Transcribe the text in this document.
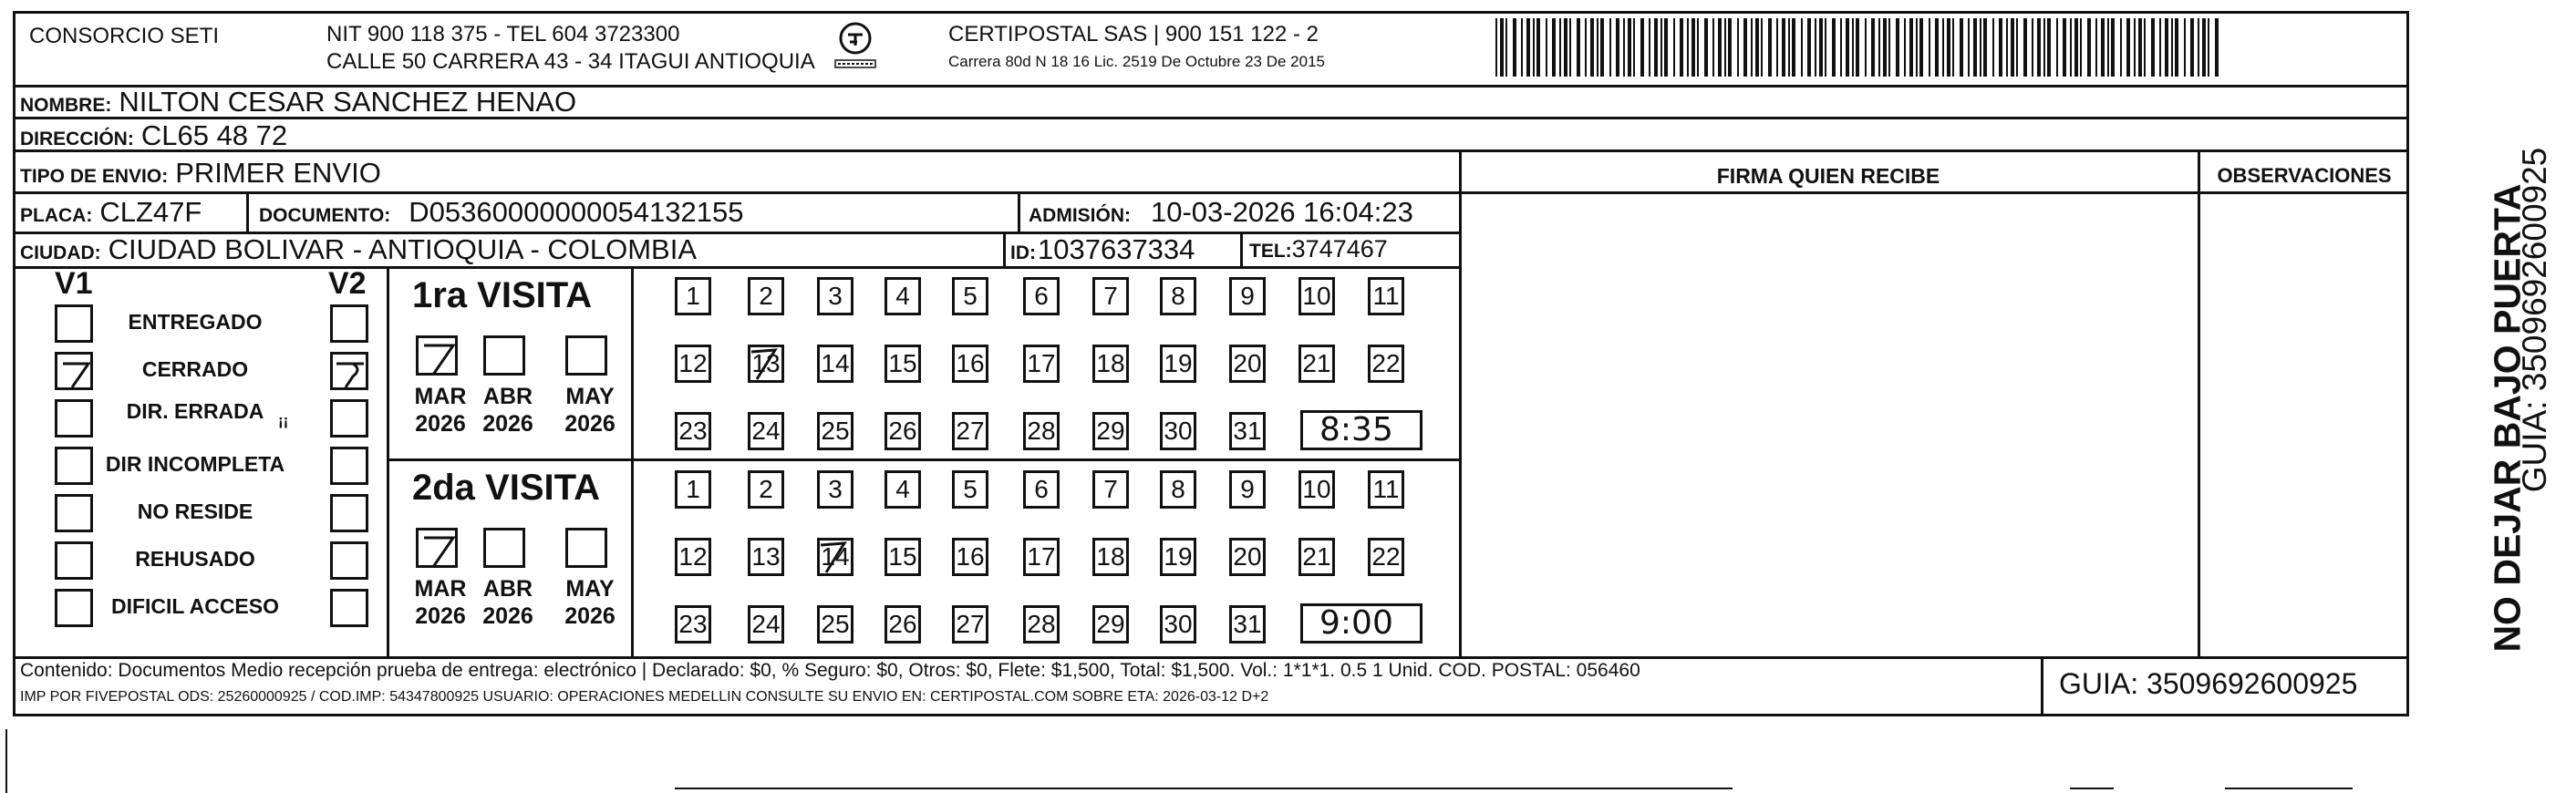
CONSORCIO SETI	NIT 900 118 375 - TEL 604 3723300
CALLE 50 CARRERA 43 - 34 ITAGUI ANTIOQUIA
CERTIPOSTAL SAS | 900 151 122 - 2
Carrera 80d N 18 16 Lic. 2519 De Octubre 23 De 2015
NOMBRE: NILTON CESAR SANCHEZ HENAO
DIRECCIÓN: CL65 48 72
TIPO DE ENVIO: PRIMER ENVIO
PLACA: CLZ47F	DOCUMENTO: D05360000000054132155	ADMISIÓN: 10-03-2026 16:04:23
CIUDAD: CIUDAD BOLIVAR - ANTIOQUIA - COLOMBIA	ID: 1037637334	TEL: 3747467
FIRMA QUIEN RECIBE	OBSERVACIONES
V1	V2
ENTREGADO
CERRADO
DIR. ERRADA ¡¡
DIR INCOMPLETA
NO RESIDE
REHUSADO
DIFICIL ACCESO
1ra VISITA
MAR
2026
ABR
2026
MAY
2026
1	2	3	4	5	6	7	8	9	10 11
12 13 14 15 16 17 18 19 20 21 22
23 24 25 26 27 28 29 30 31 8:35
2da VISITA
MAR
2026
ABR
2026
MAY
2026
1	2	3	4	5	6	7	8	9	10 11
12 13 14 15 16 17 18 19 20 21 22
23 24 25 26 27 28 29 30 31 9:00
Contenido: Documentos Medio recepción prueba de entrega: electrónico | Declarado: $0, % Seguro: $0, Otros: $0, Flete: $1,500, Total: $1,500. Vol.: 1*1*1. 0.5 1 Unid. COD. POSTAL: 056460
IMP POR FIVEPOSTAL ODS: 25260000925 / COD.IMP: 54347800925 USUARIO: OPERACIONES MEDELLIN CONSULTE SU ENVIO EN: CERTIPOSTAL.COM SOBRE ETA: 2026-03-12 D+2	GUIA: 3509692600925
NO DEJAR BAJO PUERTA
GUIA: 3509692600925
